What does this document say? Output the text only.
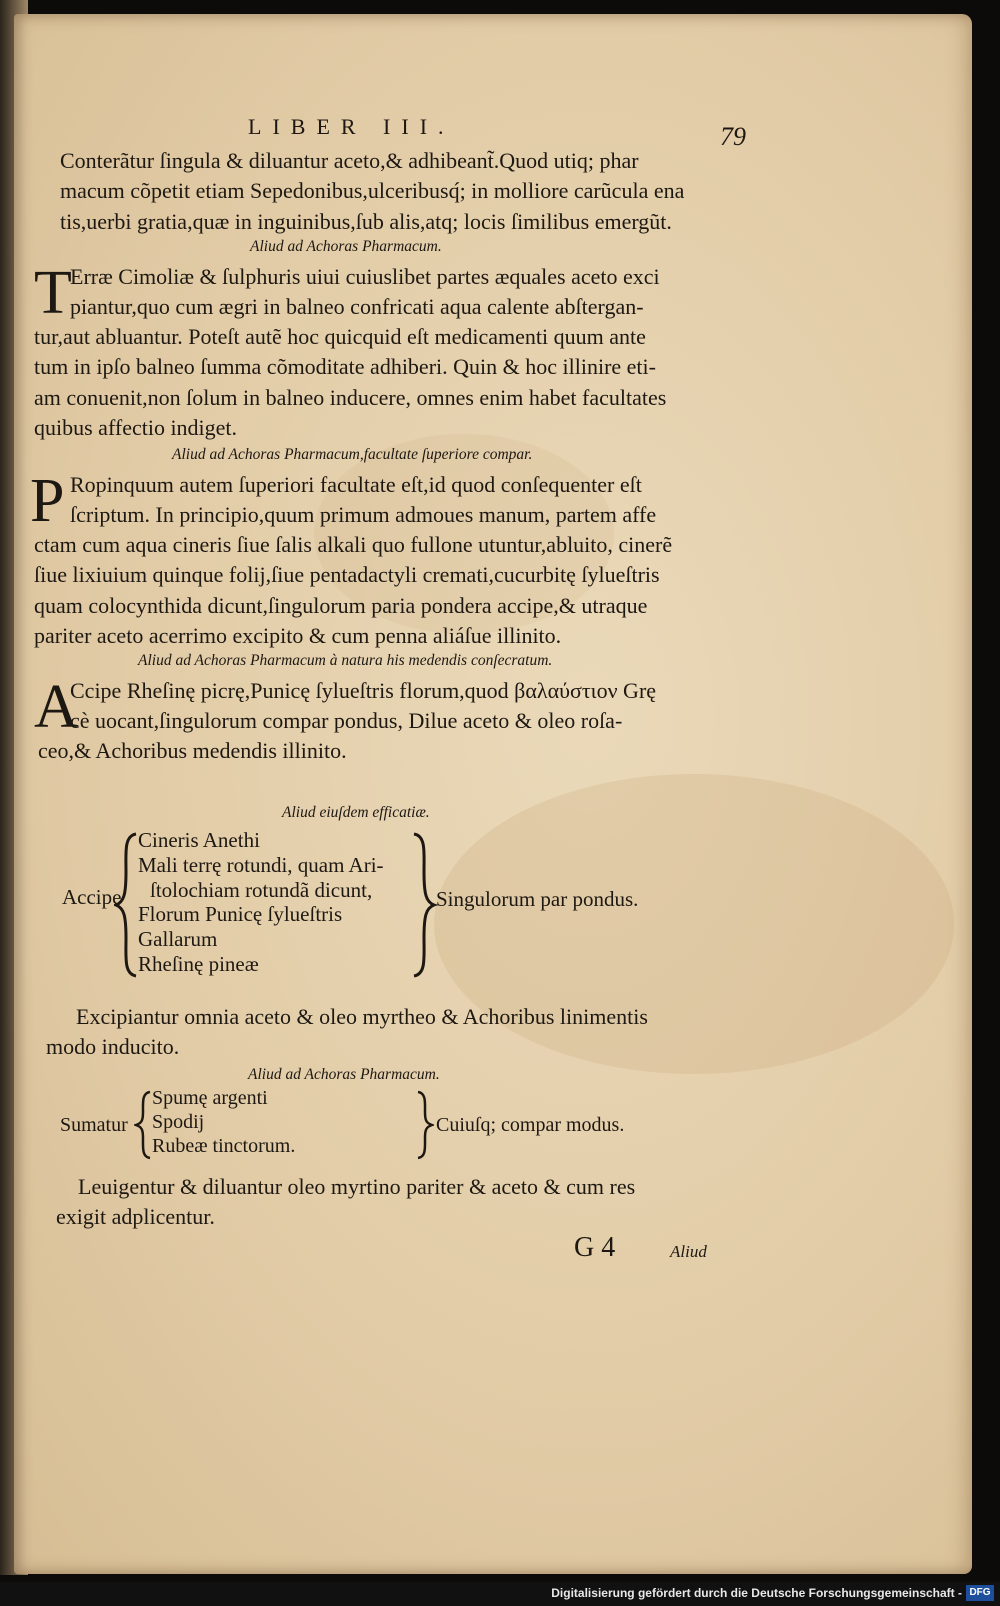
LIBER III.	79
Conterãtur ſingula & diluantur aceto,& adhibeant̃.Quod utiq; phar
macum cõpetit etiam Sepedonibus,ulceribusq́; in molliore carũcula ena
tis,uerbi gratia,quæ in inguinibus,ſub alis,atq; locis ſimilibus emergũt.
Aliud ad Achoras Pharmacum.
T
Erræ Cimoliæ & ſulphuris uiui cuiuslibet partes æquales aceto exci
piantur,quo cum ægri in balneo confricati aqua calente abſtergan-
tur,aut abluantur. Poteſt autẽ hoc quicquid eſt medicamenti quum ante
tum in ipſo balneo ſumma cõmoditate adhiberi. Quin & hoc illinire eti-
am conuenit,non ſolum in balneo inducere, omnes enim habet facultates
quibus affectio indiget.
Aliud ad Achoras Pharmacum,facultate ſuperiore compar.
P Ropinquum autem ſuperiori facultate eſt,id quod conſequenter eſt
ſcriptum. In principio,quum primum admoues manum, partem affe
ctam cum aqua cineris ſiue ſalis alkali quo fullone utuntur,abluito, cinerẽ
ſiue lixiuium quinque folij,ſiue pentadactyli cremati,cucurbitę ſylueſtris
quam colocynthida dicunt,ſingulorum paria pondera accipe,& utraque
pariter aceto acerrimo excipito & cum penna aliáſue illinito.
Aliud ad Achoras Pharmacum à natura his medendis conſecratum.
A
Ccipe Rheſinę picrę,Punicę ſylueſtris florum,quod βαλαύστιον Grę
cè uocant,ſingulorum compar pondus, Dilue aceto & oleo roſa-
ceo,& Achoribus medendis illinito.
Aliud eiuſdem efficatiæ.
Accipe
Cineris Anethi
Mali terrę rotundi, quam Ari-
ſtolochiam rotundã dicunt,
Florum Punicę ſylueſtris
Gallarum
Rheſinę pineæ
Singulorum par pondus.
Excipiantur omnia aceto & oleo myrtheo & Achoribus linimentis
modo inducito.
Aliud ad Achoras Pharmacum.
Sumatur
Spumę argenti
Spodij
Rubeæ tinctorum.
Cuiuſq; compar modus.
Leuigentur & diluantur oleo myrtino pariter & aceto & cum res
exigit adplicentur.
G 4	Aliud
Digitalisierung gefördert durch die Deutsche Forschungsgemeinschaft - DFG
